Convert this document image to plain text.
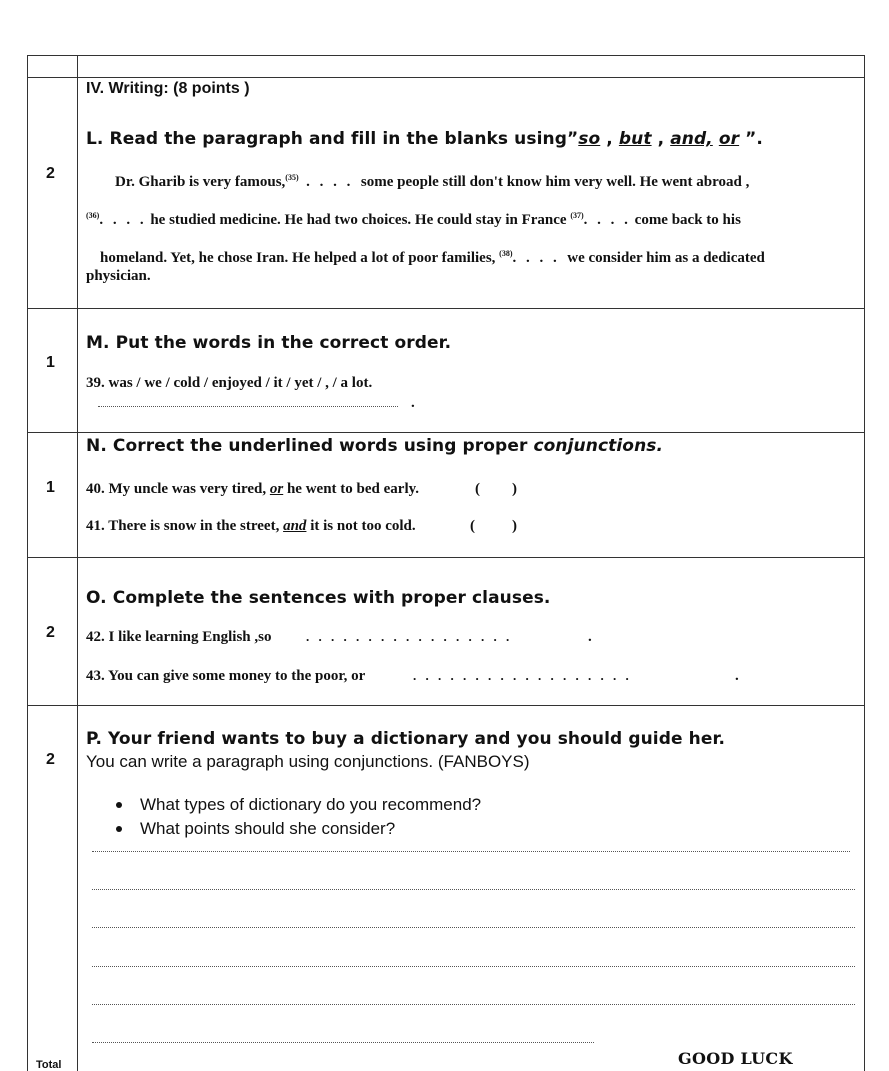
IV. Writing: (8 points )
2
L. Read the paragraph and fill in the blanks using”so , but , and, or ”.
Dr. Gharib is very famous,$^{(35)}$ . . . . some people still don't know him very well. He went abroad ,
$^{(36)}$. . . . he studied medicine. He had two choices. He could stay in France $^{(37)}$. . . . come back to his
homeland. Yet, he chose Iran. He helped a lot of poor families, $^{(38)}$. . . . we consider him as a dedicated
physician.
1
M. Put the words in the correct order.
39. was / we / cold / enjoyed / it / yet / , / a lot.
.
1
N. Correct the underlined words using proper conjunctions.
40. My uncle was very tired, or he went to bed early.	( )
41. There is snow in the street, and it is not too cold.	( )
2
O. Complete the sentences with proper clauses.
42. I like learning English ,so	. . . . . . . . . . . . . . . . .	.
43. You can give some money to the poor, or	. . . . . . . . . . . . . . . . . .	.
2
P. Your friend wants to buy a dictionary and you should guide her.
You can write a paragraph using conjunctions. (FANBOYS)
What types of dictionary do you recommend?
What points should she consider?
Total	GOOD LUCK
